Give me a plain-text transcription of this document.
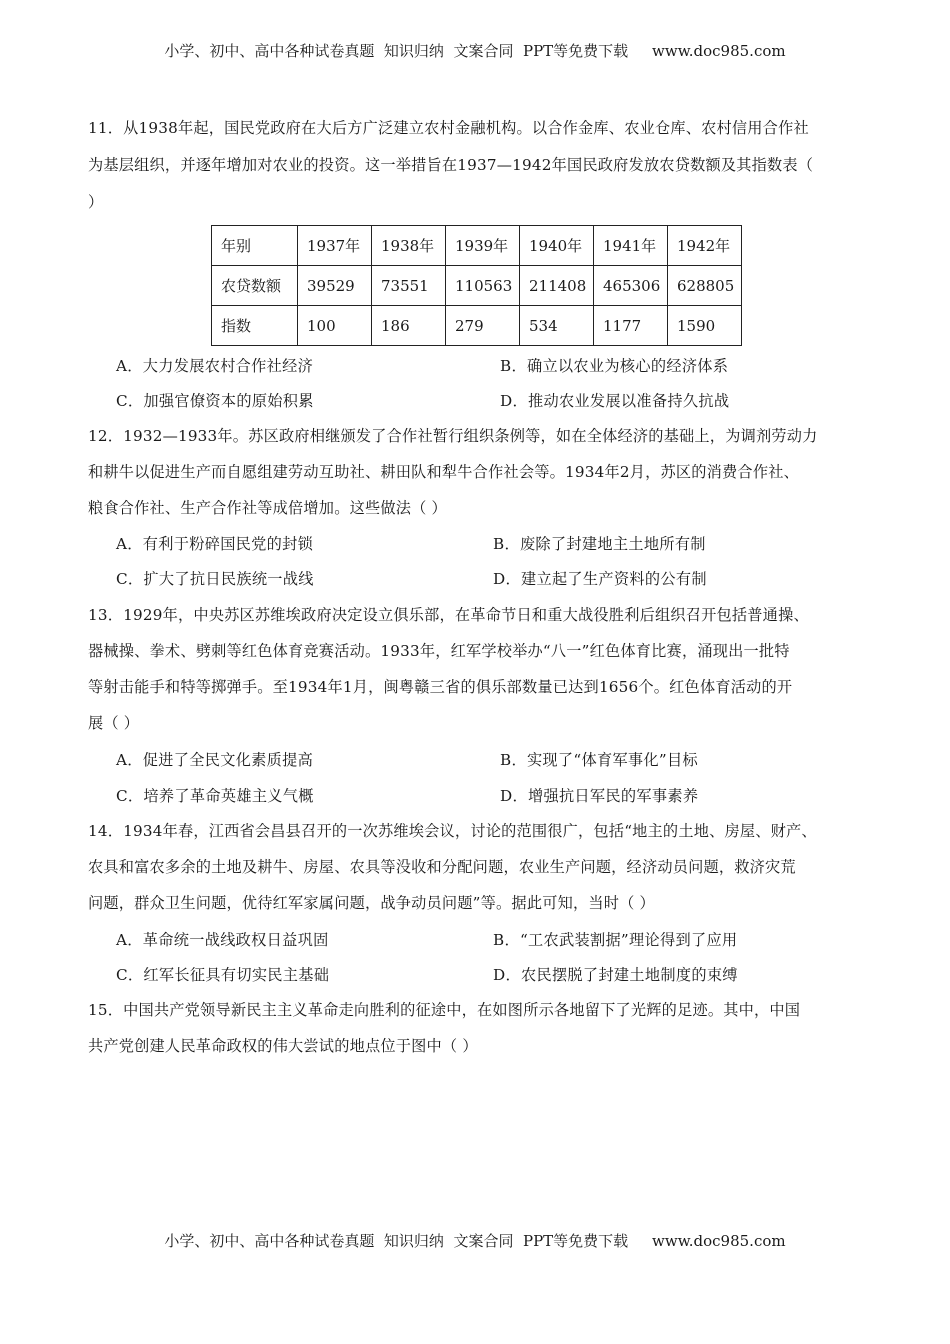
小学、初中、高中各种试卷真题  知识归纳  文案合同  PPT等免费下载     www.doc985.com
11．从1938年起，国民党政府在大后方广泛建立农村金融机构。以合作金库、农业仓库、农村信用合作社
为基层组织，并逐年增加对农业的投资。这一举措旨在1937—1942年国民政府发放农贷数额及其指数表（
）
年别	1937年	1938年	1939年	1940年	1941年	1942年
农贷数额	39529	73551	110563	211408	465306	628805
指数	100	186	279	534	1177	1590
A．大力发展农村合作社经济	B．确立以农业为核心的经济体系
C．加强官僚资本的原始积累	D．推动农业发展以准备持久抗战
12．1932—1933年。苏区政府相继颁发了合作社暂行组织条例等，如在全体经济的基础上，为调剂劳动力
和耕牛以促进生产而自愿组建劳动互助社、耕田队和犁牛合作社会等。1934年2月，苏区的消费合作社、
粮食合作社、生产合作社等成倍增加。这些做法（ ）
A．有利于粉碎国民党的封锁	B．废除了封建地主土地所有制
C．扩大了抗日民族统一战线	D．建立起了生产资料的公有制
13．1929年，中央苏区苏维埃政府决定设立俱乐部，在革命节日和重大战役胜利后组织召开包括普通操、
器械操、拳术、劈刺等红色体育竞赛活动。1933年，红军学校举办“八一”红色体育比赛，涌现出一批特
等射击能手和特等掷弹手。至1934年1月，闽粤赣三省的俱乐部数量已达到1656个。红色体育活动的开
展（ ）
A．促进了全民文化素质提高	B．实现了“体育军事化”目标
C．培养了革命英雄主义气概	D．增强抗日军民的军事素养
14．1934年春，江西省会昌县召开的一次苏维埃会议，讨论的范围很广，包括“地主的土地、房屋、财产、
农具和富农多余的土地及耕牛、房屋、农具等没收和分配问题，农业生产问题，经济动员问题，救济灾荒
问题，群众卫生问题，优待红军家属问题，战争动员问题”等。据此可知，当时（ ）
A．革命统一战线政权日益巩固	B．“工农武装割据”理论得到了应用
C．红军长征具有切实民主基础	D．农民摆脱了封建土地制度的束缚
15．中国共产党领导新民主主义革命走向胜利的征途中，在如图所示各地留下了光辉的足迹。其中，中国
共产党创建人民革命政权的伟大尝试的地点位于图中（ ）
小学、初中、高中各种试卷真题  知识归纳  文案合同  PPT等免费下载     www.doc985.com
